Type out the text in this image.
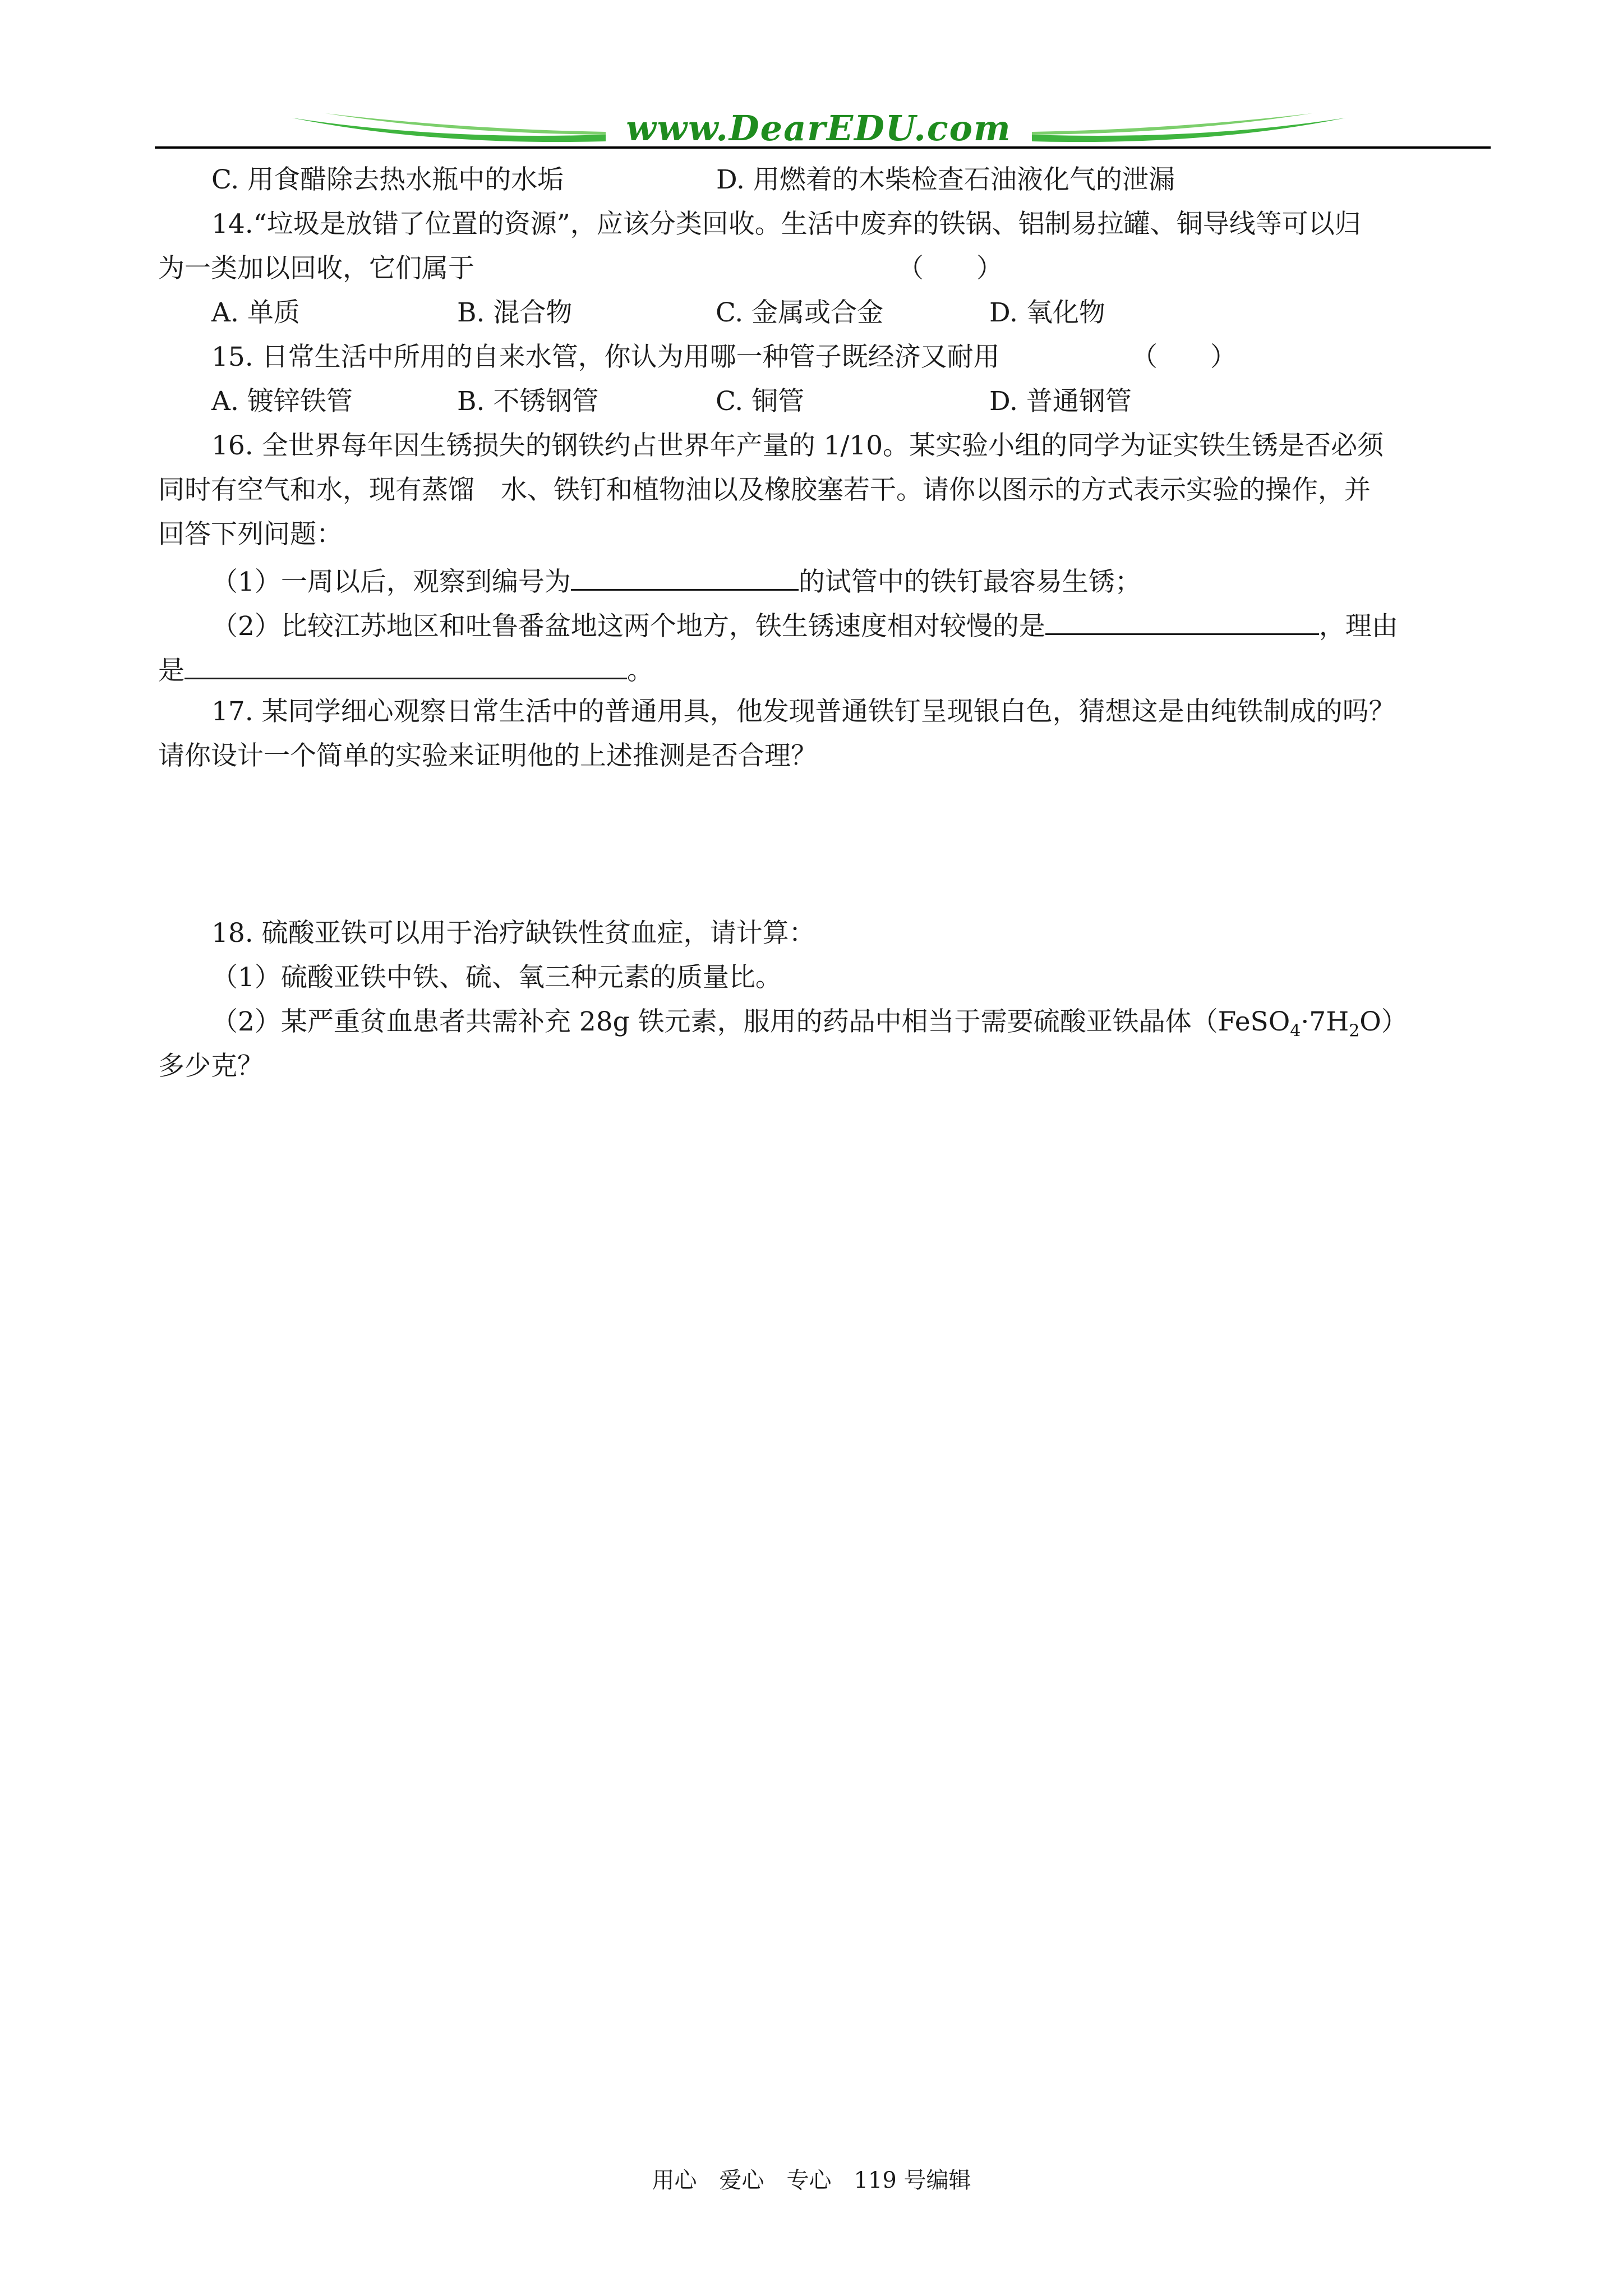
www.DearEDU.com
C. 用食醋除去热水瓶中的水垢	D. 用燃着的木柴检查石油液化气的泄漏
14.“垃圾是放错了位置的资源”，应该分类回收。生活中废弃的铁锅、铝制易拉罐、铜导线等可以归
为一类加以回收，它们属于	（　　）
A. 单质	B. 混合物	C. 金属或合金	D. 氧化物
15. 日常生活中所用的自来水管，你认为用哪一种管子既经济又耐用	（　　）
A. 镀锌铁管	B. 不锈钢管	C. 铜管	D. 普通钢管
16. 全世界每年因生锈损失的钢铁约占世界年产量的 1/10。某实验小组的同学为证实铁生锈是否必须
同时有空气和水，现有蒸馏　水、铁钉和植物油以及橡胶塞若干。请你以图示的方式表示实验的操作，并
回答下列问题：
（1）一周以后，观察到编号为	的试管中的铁钉最容易生锈；
（2）比较江苏地区和吐鲁番盆地这两个地方，铁生锈速度相对较慢的是	，理由
是	。
17. 某同学细心观察日常生活中的普通用具，他发现普通铁钉呈现银白色，猜想这是由纯铁制成的吗？
请你设计一个简单的实验来证明他的上述推测是否合理？
18. 硫酸亚铁可以用于治疗缺铁性贫血症，请计算：
（1）硫酸亚铁中铁、硫、氧三种元素的质量比。
（2）某严重贫血患者共需补充 28g 铁元素，服用的药品中相当于需要硫酸亚铁晶体$(FeSO_4\cdot 7H_2O)$
多少克？
用心　爱心　专心　119 号编辑
